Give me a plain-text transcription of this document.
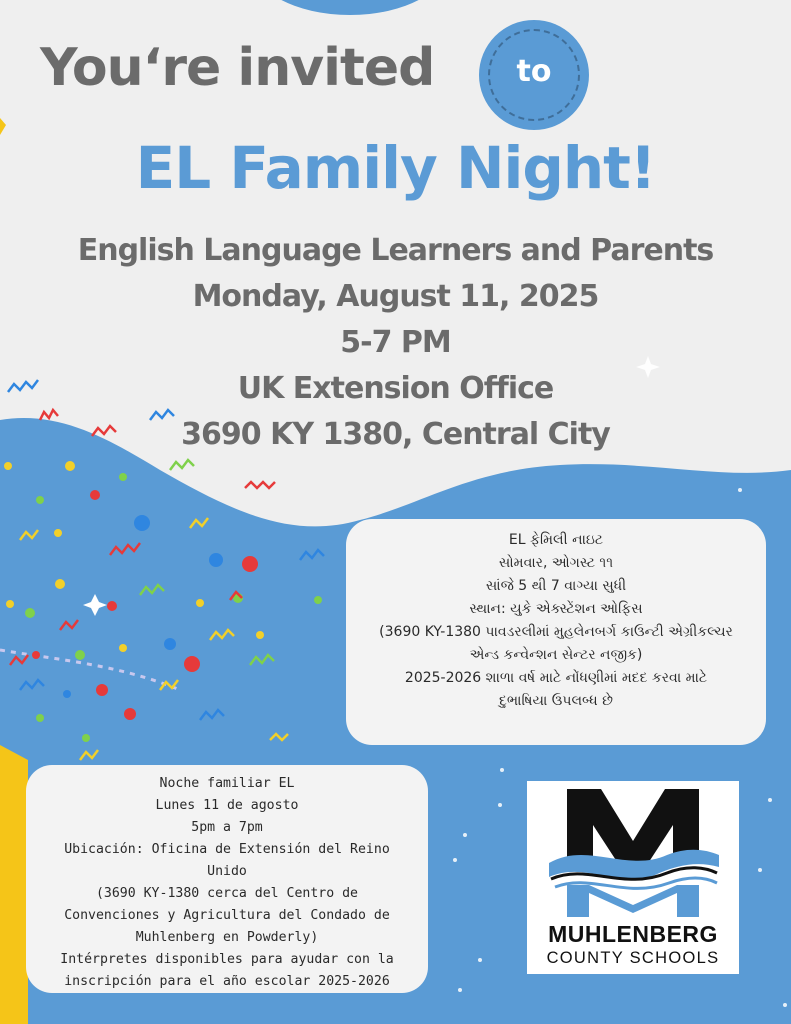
You‘re invited	to
EL Family Night!
English Language Learners and Parents
Monday, August 11, 2025
5-7 PM
UK Extension Office
3690 KY 1380, Central City
EL ફેમિલી નાઇટ
સોમવાર, ઓગસ્ટ ૧૧
સાંજે 5 થી 7 વાગ્યા સુધી
સ્થાન: યુકે એક્સ્ટેંશન ઓફિસ
(3690 KY-1380 પાવડરલીમાં મુહલેનબર્ગ કાઉન્ટી એગ્રીકલ્ચર
એન્ડ કન્વેન્શન સેન્ટર નજીક)
2025-2026 શાળા વર્ષ માટે નોંધણીમાં મદદ કરવા માટે
દુભાષિયા ઉપલબ્ધ છે
Noche familiar EL
Lunes 11 de agosto
5pm a 7pm
Ubicación: Oficina de Extensión del Reino
Unido
(3690 KY-1380 cerca del Centro de
Convenciones y Agricultura del Condado de
Muhlenberg en Powderly)
Intérpretes disponibles para ayudar con la
inscripción para el año escolar 2025-2026
MUHLENBERG
COUNTY SCHOOLS
